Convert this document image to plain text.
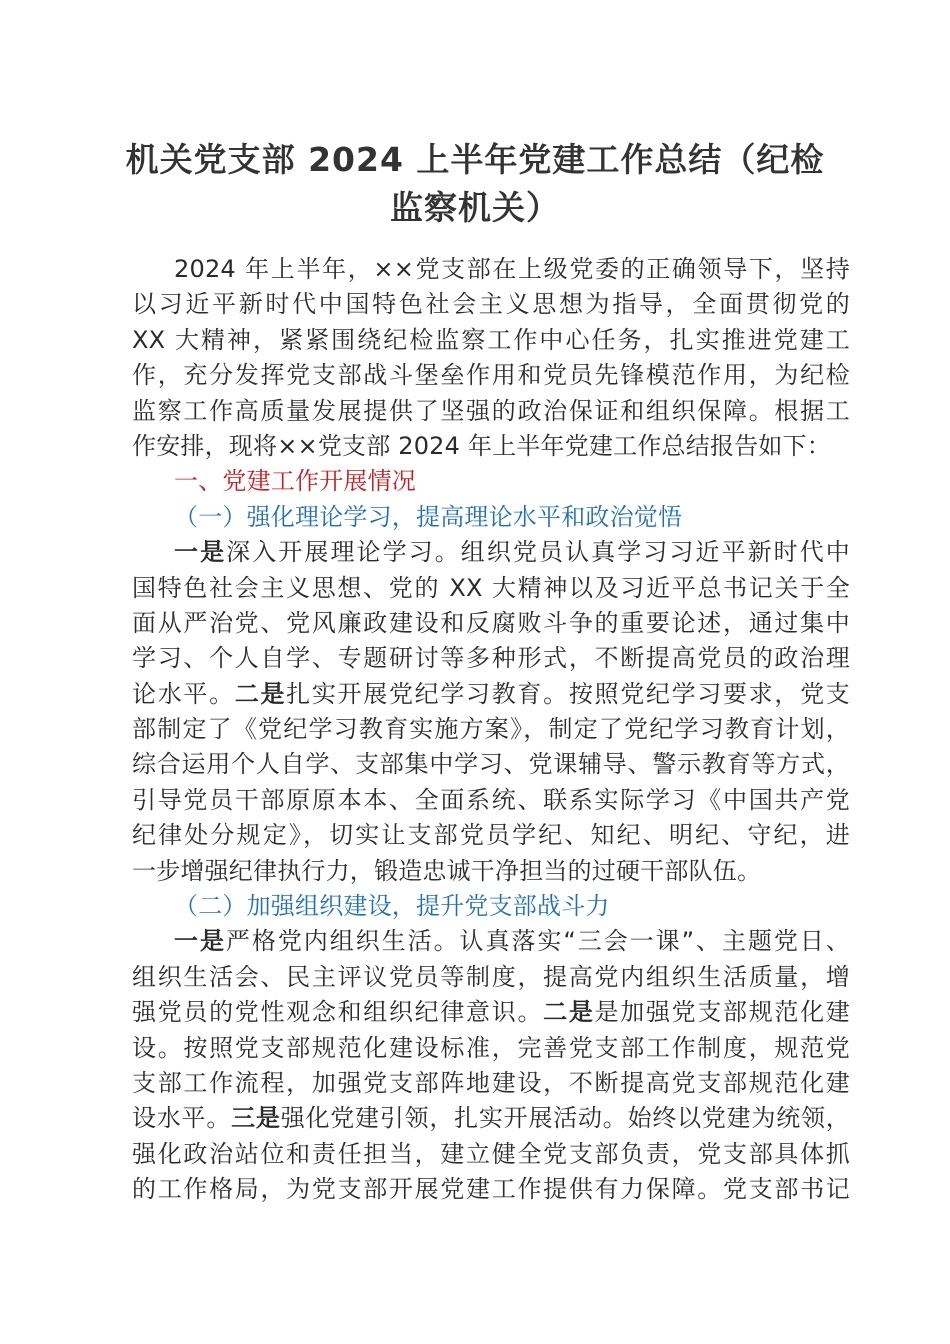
机关党支部 2024 上半年党建工作总结（纪检
监察机关）
2024 年上半年，××党支部在上级党委的正确领导下，坚持
以习近平新时代中国特色社会主义思想为指导，全面贯彻党的
XX 大精神，紧紧围绕纪检监察工作中心任务，扎实推进党建工
作，充分发挥党支部战斗堡垒作用和党员先锋模范作用，为纪检
监察工作高质量发展提供了坚强的政治保证和组织保障。根据工
作安排，现将××党支部 2024 年上半年党建工作总结报告如下：
一、党建工作开展情况
（一）强化理论学习，提高理论水平和政治觉悟
一是深入开展理论学习。组织党员认真学习习近平新时代中
国特色社会主义思想、党的 XX 大精神以及习近平总书记关于全
面从严治党、党风廉政建设和反腐败斗争的重要论述，通过集中
学习、个人自学、专题研讨等多种形式，不断提高党员的政治理
论水平。二是扎实开展党纪学习教育。按照党纪学习要求，党支
部制定了《党纪学习教育实施方案》，制定了党纪学习教育计划，
综合运用个人自学、支部集中学习、党课辅导、警示教育等方式，
引导党员干部原原本本、全面系统、联系实际学习《中国共产党
纪律处分规定》，切实让支部党员学纪、知纪、明纪、守纪，进
一步增强纪律执行力，锻造忠诚干净担当的过硬干部队伍。
（二）加强组织建设，提升党支部战斗力
一是严格党内组织生活。认真落实“三会一课”、主题党日、
组织生活会、民主评议党员等制度，提高党内组织生活质量，增
强党员的党性观念和组织纪律意识。二是是加强党支部规范化建
设。按照党支部规范化建设标准，完善党支部工作制度，规范党
支部工作流程，加强党支部阵地建设，不断提高党支部规范化建
设水平。三是强化党建引领，扎实开展活动。始终以党建为统领，
强化政治站位和责任担当，建立健全党支部负责，党支部具体抓
的工作格局，为党支部开展党建工作提供有力保障。党支部书记
